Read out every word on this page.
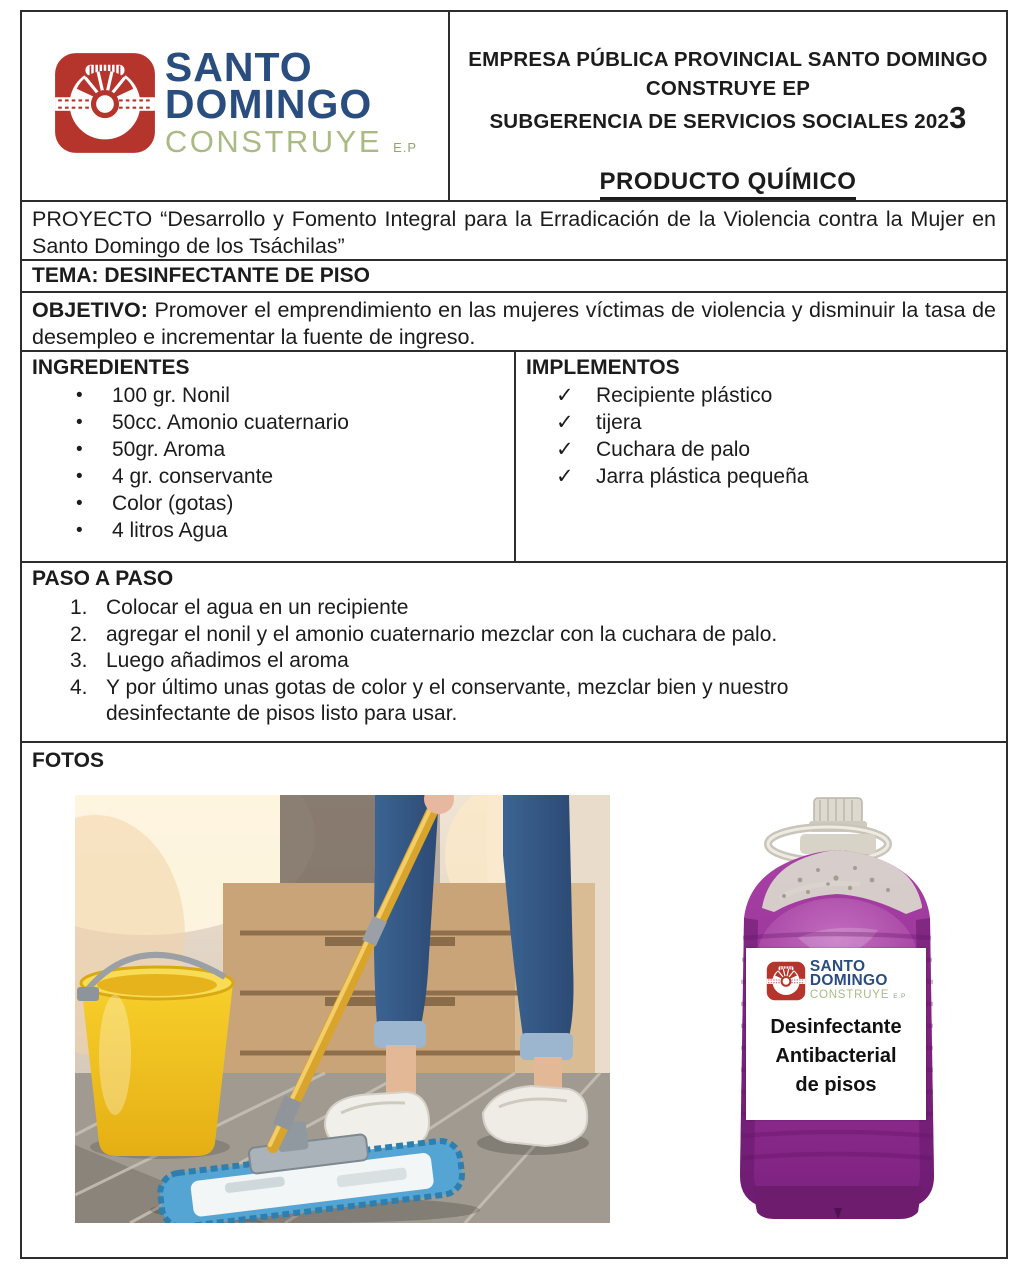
SANTO
DOMINGO
CONSTRUYE E.P
EMPRESA PÚBLICA PROVINCIAL SANTO DOMINGO
CONSTRUYE EP
SUBGERENCIA DE SERVICIOS SOCIALES 2023
PRODUCTO QUÍMICO
PROYECTO “Desarrollo y Fomento Integral para la Erradicación de la Violencia contra la Mujer en Santo Domingo de los Tsáchilas”
TEMA: DESINFECTANTE DE PISO
OBJETIVO: Promover el emprendimiento en las mujeres víctimas de violencia y disminuir la tasa de desempleo e incrementar la fuente de ingreso.
INGREDIENTES
•	100 gr. Nonil
•	50cc. Amonio cuaternario
•	50gr. Aroma
•	4 gr. conservante
•	Color (gotas)
•	4 litros Agua
IMPLEMENTOS
✓	Recipiente plástico
✓	tijera
✓	Cuchara de palo
✓	Jarra plástica pequeña
PASO A PASO
1. Colocar el agua en un recipiente
2. agregar el nonil y el amonio cuaternario mezclar con la cuchara de palo.
3. Luego añadimos el aroma
4. Y por último unas gotas de color y el conservante, mezclar bien y nuestro desinfectante de pisos listo para usar.
FOTOS
SANTO
DOMINGO
CONSTRUYE E.P
Desinfectante
Antibacterial
de pisos
